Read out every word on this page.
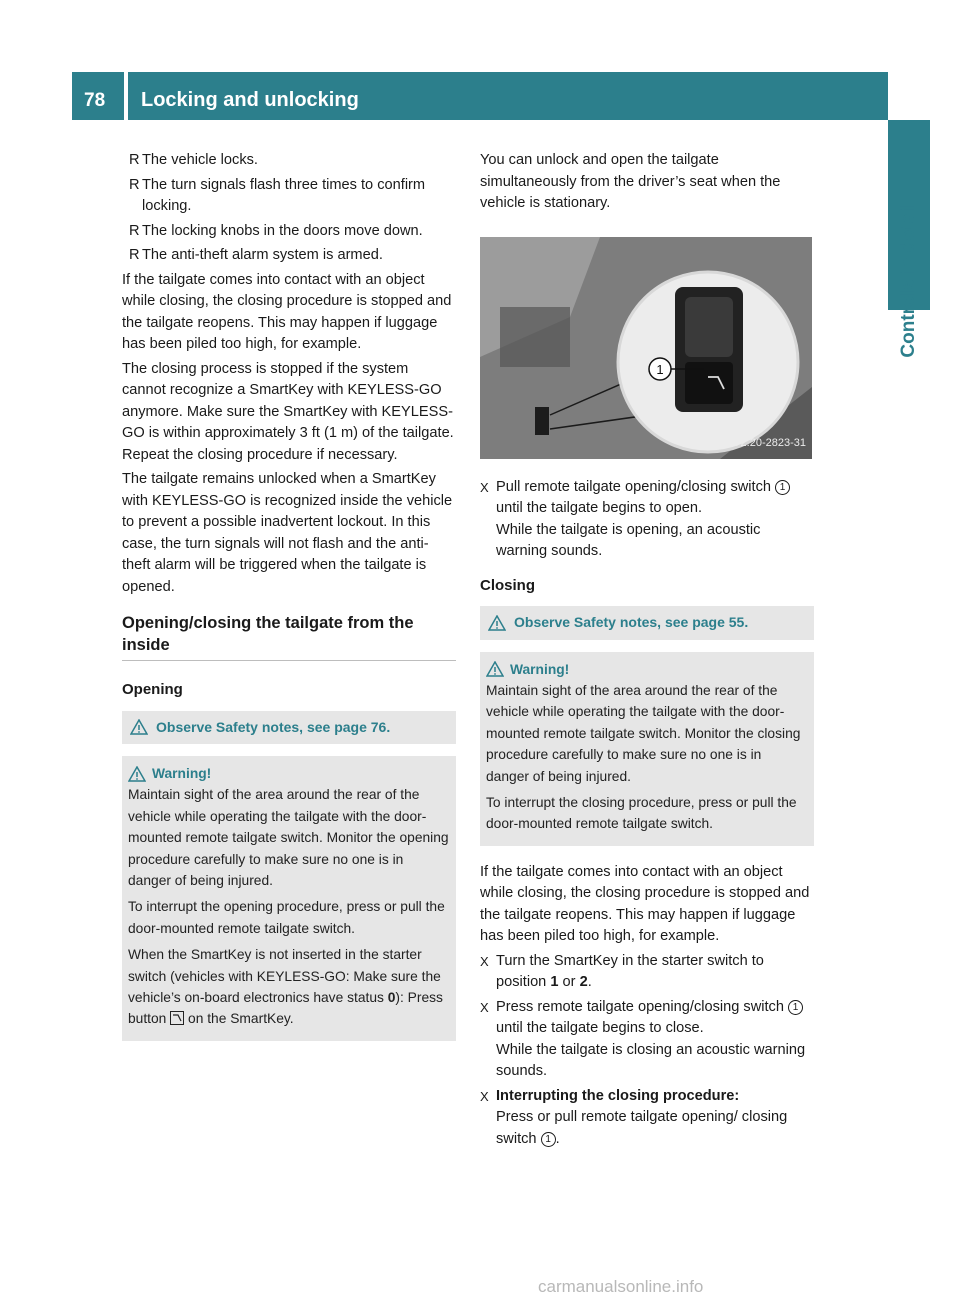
78	Locking and unlocking
Controls in detail
R The vehicle locks.
R The turn signals flash three times to confirm locking.
R The locking knobs in the doors move down.
R The anti-theft alarm system is armed.

If the tailgate comes into contact with an object while closing, the closing procedure is stopped and the tailgate reopens. This may happen if luggage has been piled too high, for example.

The closing process is stopped if the system cannot recognize a SmartKey with KEYLESS-GO anymore. Make sure the SmartKey with KEYLESS-GO is within approximately 3 ft (1 m) of the tailgate. Repeat the closing procedure if necessary.

The tailgate remains unlocked when a SmartKey with KEYLESS-GO is recognized inside the vehicle to prevent a possible inadvertent lockout. In this case, the turn signals will not flash and the anti-theft alarm will be triggered when the tailgate is opened.

Opening/closing the tailgate from the inside
Opening
Observe Safety notes, see page 76.
Warning!

Maintain sight of the area around the rear of the vehicle while operating the tailgate with the door-mounted remote tailgate switch. Monitor the opening procedure carefully to make sure no one is in danger of being injured.

To interrupt the opening procedure, press or pull the door-mounted remote tailgate switch.

When the SmartKey is not inserted in the starter switch (vehicles with KEYLESS-GO: Make sure the vehicle’s on-board electronics have status 0): Press button  on the SmartKey.

You can unlock and open the tailgate simultaneously from the driver’s seat when the vehicle is stationary.

1
P72.20-2823-31
X Pull remote tailgate opening/closing switch 1 until the tailgate begins to open.
While the tailgate is opening, an acoustic warning sounds.
Closing
Observe Safety notes, see page 55.
Warning!

Maintain sight of the area around the rear of the vehicle while operating the tailgate with the door-mounted remote tailgate switch. Monitor the closing procedure carefully to make sure no one is in danger of being injured.

To interrupt the closing procedure, press or pull the door-mounted remote tailgate switch.

If the tailgate comes into contact with an object while closing, the closing procedure is stopped and the tailgate reopens. This may happen if luggage has been piled too high, for example.

X Turn the SmartKey in the starter switch to position 1 or 2.
X Press remote tailgate opening/closing switch 1 until the tailgate begins to close.
While the tailgate is closing an acoustic warning sounds.
X Interrupting the closing procedure:
Press or pull remote tailgate opening/ closing switch 1 .
carmanualsonline.info
